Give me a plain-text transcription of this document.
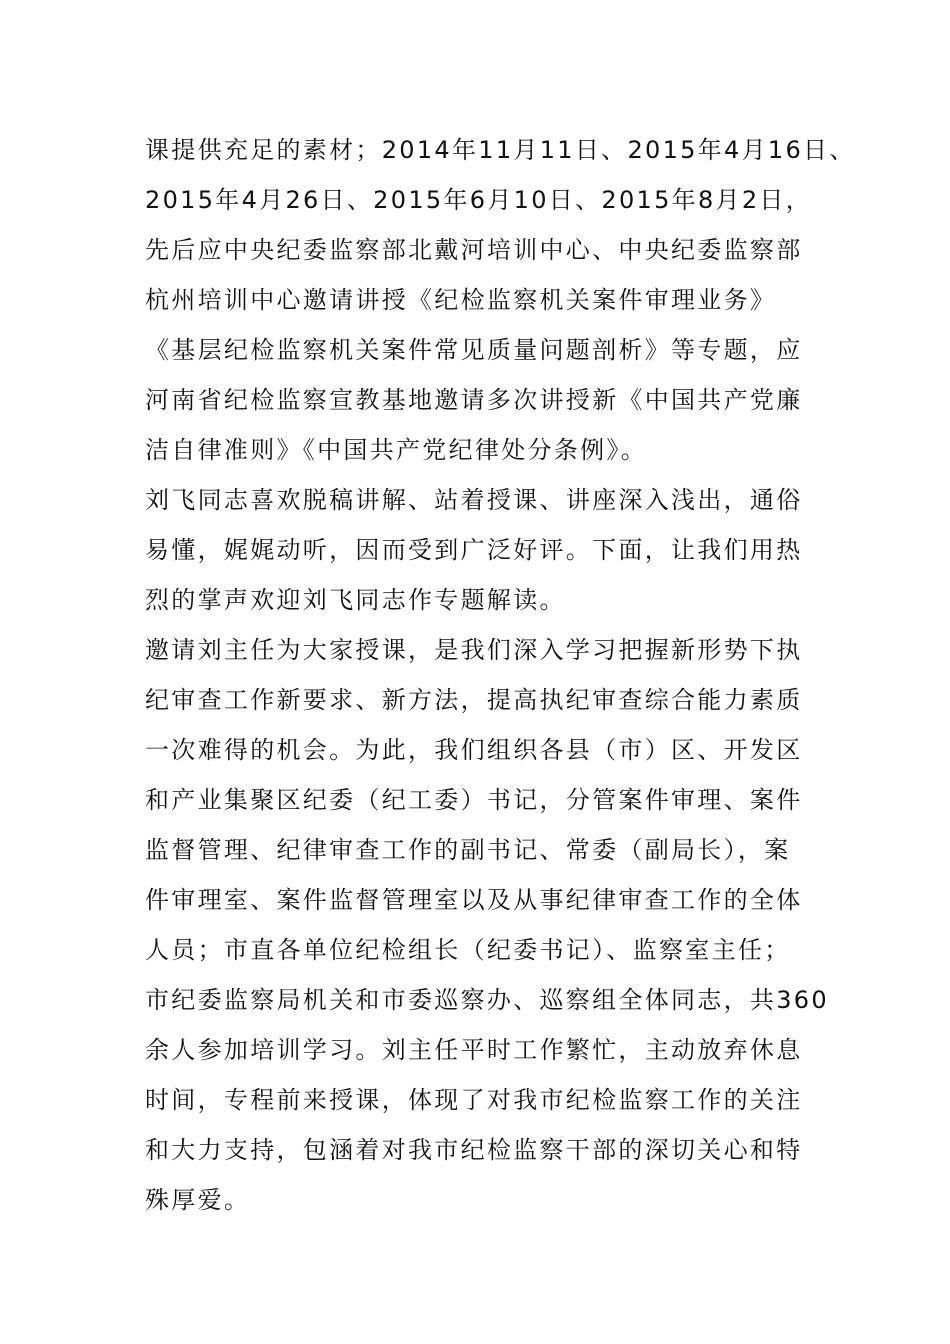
课提供充足的素材；2014年11月11日、2015年4月16日、
2015年4月26日、2015年6月10日、2015年8月2日，
先后应中央纪委监察部北戴河培训中心、中央纪委监察部
杭州培训中心邀请讲授《纪检监察机关案件审理业务》
《基层纪检监察机关案件常见质量问题剖析》等专题，应
河南省纪检监察宣教基地邀请多次讲授新《中国共产党廉
洁自律准则》《中国共产党纪律处分条例》。
刘飞同志喜欢脱稿讲解、站着授课、讲座深入浅出，通俗
易懂，娓娓动听，因而受到广泛好评。下面，让我们用热
烈的掌声欢迎刘飞同志作专题解读。
邀请刘主任为大家授课，是我们深入学习把握新形势下执
纪审查工作新要求、新方法，提高执纪审查综合能力素质
一次难得的机会。为此，我们组织各县（市）区、开发区
和产业集聚区纪委（纪工委）书记，分管案件审理、案件
监督管理、纪律审查工作的副书记、常委（副局长），案
件审理室、案件监督管理室以及从事纪律审查工作的全体
人员；市直各单位纪检组长（纪委书记）、监察室主任；
市纪委监察局机关和市委巡察办、巡察组全体同志，共360
余人参加培训学习。刘主任平时工作繁忙，主动放弃休息
时间，专程前来授课，体现了对我市纪检监察工作的关注
和大力支持，包涵着对我市纪检监察干部的深切关心和特
殊厚爱。
